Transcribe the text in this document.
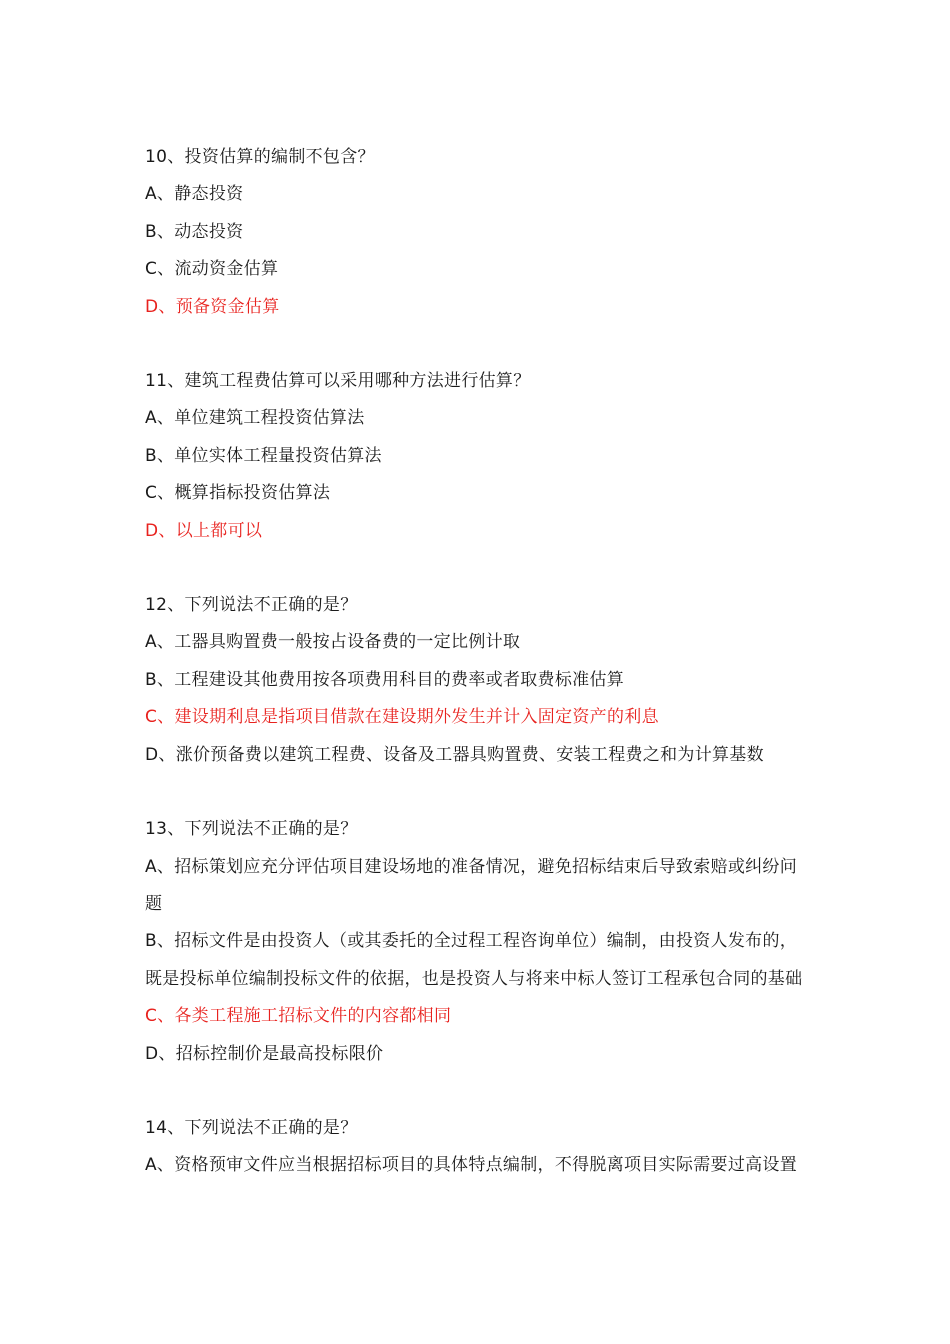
10、投资估算的编制不包含？
A、静态投资
B、动态投资
C、流动资金估算
D、预备资金估算
11、建筑工程费估算可以采用哪种方法进行估算？
A、单位建筑工程投资估算法
B、单位实体工程量投资估算法
C、概算指标投资估算法
D、以上都可以
12、下列说法不正确的是？
A、工器具购置费一般按占设备费的一定比例计取
B、工程建设其他费用按各项费用科目的费率或者取费标准估算
C、建设期利息是指项目借款在建设期外发生并计入固定资产的利息
D、涨价预备费以建筑工程费、设备及工器具购置费、安装工程费之和为计算基数
13、下列说法不正确的是？
A、招标策划应充分评估项目建设场地的准备情况，避免招标结束后导致索赔或纠纷问
题
B、招标文件是由投资人（或其委托的全过程工程咨询单位）编制，由投资人发布的，
既是投标单位编制投标文件的依据，也是投资人与将来中标人签订工程承包合同的基础
C、各类工程施工招标文件的内容都相同
D、招标控制价是最高投标限价
14、下列说法不正确的是？
A、资格预审文件应当根据招标项目的具体特点编制，不得脱离项目实际需要过高设置
